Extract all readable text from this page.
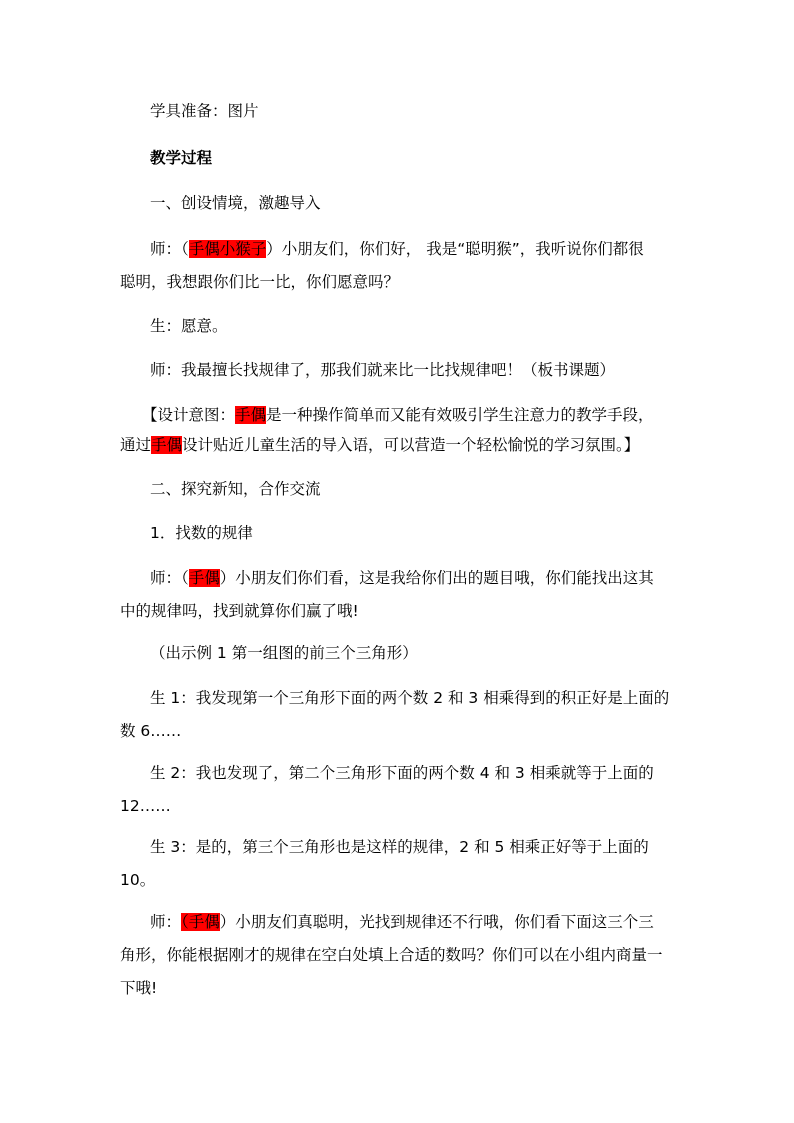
学具准备：图片
教学过程
一、创设情境，激趣导入
师：（手偶小猴子）小朋友们，你们好， 我是“聪明猴”，我听说你们都很
聪明，我想跟你们比一比，你们愿意吗？
生：愿意。
师：我最擅长找规律了，那我们就来比一比找规律吧！（板书课题）
【设计意图：手偶是一种操作简单而又能有效吸引学生注意力的教学手段，
通过手偶设计贴近儿童生活的导入语，可以营造一个轻松愉悦的学习氛围。】
二、探究新知，合作交流
1．找数的规律
师：（手偶）小朋友们你们看，这是我给你们出的题目哦，你们能找出这其
中的规律吗，找到就算你们赢了哦!
（出示例 1 第一组图的前三个三角形）
生 1：我发现第一个三角形下面的两个数 2 和 3 相乘得到的积正好是上面的
数 6……
生 2：我也发现了，第二个三角形下面的两个数 4 和 3 相乘就等于上面的
12……
生 3：是的，第三个三角形也是这样的规律，2 和 5 相乘正好等于上面的
10。
师：（手偶）小朋友们真聪明，光找到规律还不行哦，你们看下面这三个三
角形，你能根据刚才的规律在空白处填上合适的数吗？你们可以在小组内商量一
下哦!
